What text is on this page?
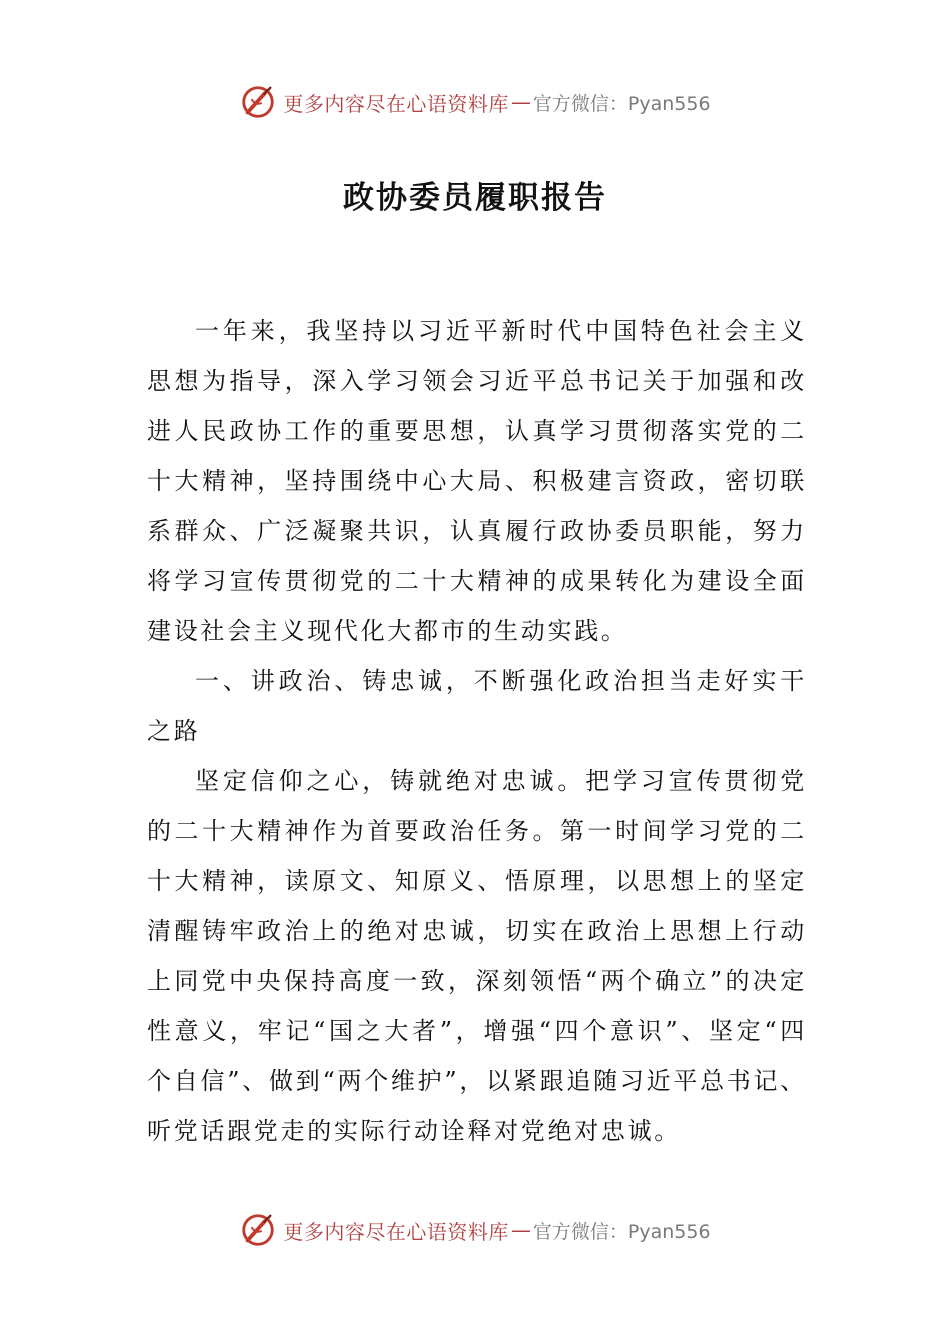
更多内容尽在心语资料库 — 官方微信：Pyan556
政协委员履职报告

一年来，我坚持以习近平新时代中国特色社会主义思想为指导，深入学习领会习近平总书记关于加强和改进人民政协工作的重要思想，认真学习贯彻落实党的二十大精神，坚持围绕中心大局、积极建言资政，密切联系群众、广泛凝聚共识，认真履行政协委员职能，努力将学习宣传贯彻党的二十大精神的成果转化为建设全面建设社会主义现代化大都市的生动实践。

一、讲政治、铸忠诚，不断强化政治担当走好实干之路

坚定信仰之心，铸就绝对忠诚。把学习宣传贯彻党的二十大精神作为首要政治任务。第一时间学习党的二十大精神，读原文、知原义、悟原理，以思想上的坚定清醒铸牢政治上的绝对忠诚，切实在政治上思想上行动上同党中央保持高度一致，深刻领悟“两个确立”的决定性意义，牢记“国之大者”，增强“四个意识”、坚定“四个自信”、做到“两个维护”，以紧跟追随习近平总书记、听党话跟党走的实际行动诠释对党绝对忠诚。

更多内容尽在心语资料库 — 官方微信：Pyan556
